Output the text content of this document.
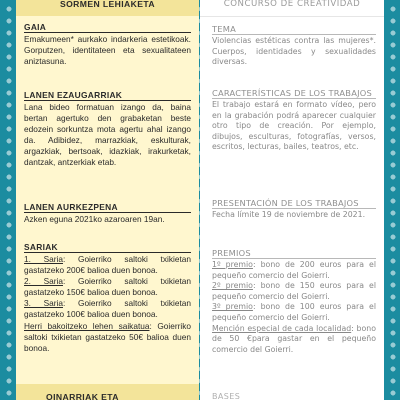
SORMEN LEHIAKETA
GAIA

Emakumeen* aurkako indarkeria estetikoak. Gorputzen, identitateen eta sexualitateen aniztasuna.

LANEN EZAUGARRIAK

Lana bideo formatuan izango da, baina bertan agertuko den grabaketan beste edozein sorkuntza mota agertu ahal izango da. Adibidez, marrazkiak, eskulturak, argazkiak, bertsoak, idazkiak, irakurketak, dantzak, antzerkiak etab.

LANEN AURKEZPENA

Azken eguna 2021ko azaroaren 19an.

SARIAK

1. Saria: Goierriko saltoki txikietan gastatzeko 200€ balioa duen bonoa.

2. Saria: Goierriko saltoki txikietan gastatzeko 150€ balioa duen bonoa.

3. Saria: Goierriko saltoki txikietan gastatzeko 100€ balioa duen bonoa.

Herri bakoitzeko lehen saikatua: Goierriko saltoki txikietan gastatzeko 50€ balioa duen bonoa.

OINARRIAK ETA
CONCURSO DE CREATIVIDAD
TEMA

Violencias estéticas contra las mujeres*. Cuerpos, identidades y sexualidades diversas.

CARACTERÍSTICAS DE LOS TRABAJOS

El trabajo estará en formato vídeo, pero en la grabación podrá aparecer cualquier otro tipo de creación. Por ejemplo, dibujos, esculturas, fotografías, versos, escritos, lecturas, bailes, teatros, etc.

PRESENTACIÓN DE LOS TRABAJOS

Fecha límite 19 de noviembre de 2021.

PREMIOS

1º premio: bono de 200 euros para el pequeño comercio del Goierri.

2º premio: bono de 150 euros para el pequeño comercio del Goierri.

3º premio: bono de 100 euros para el pequeño comercio del Goierri.

Mención especial de cada localidad: bono de 50 €para gastar en el pequeño comercio del Goierri.

BASES
